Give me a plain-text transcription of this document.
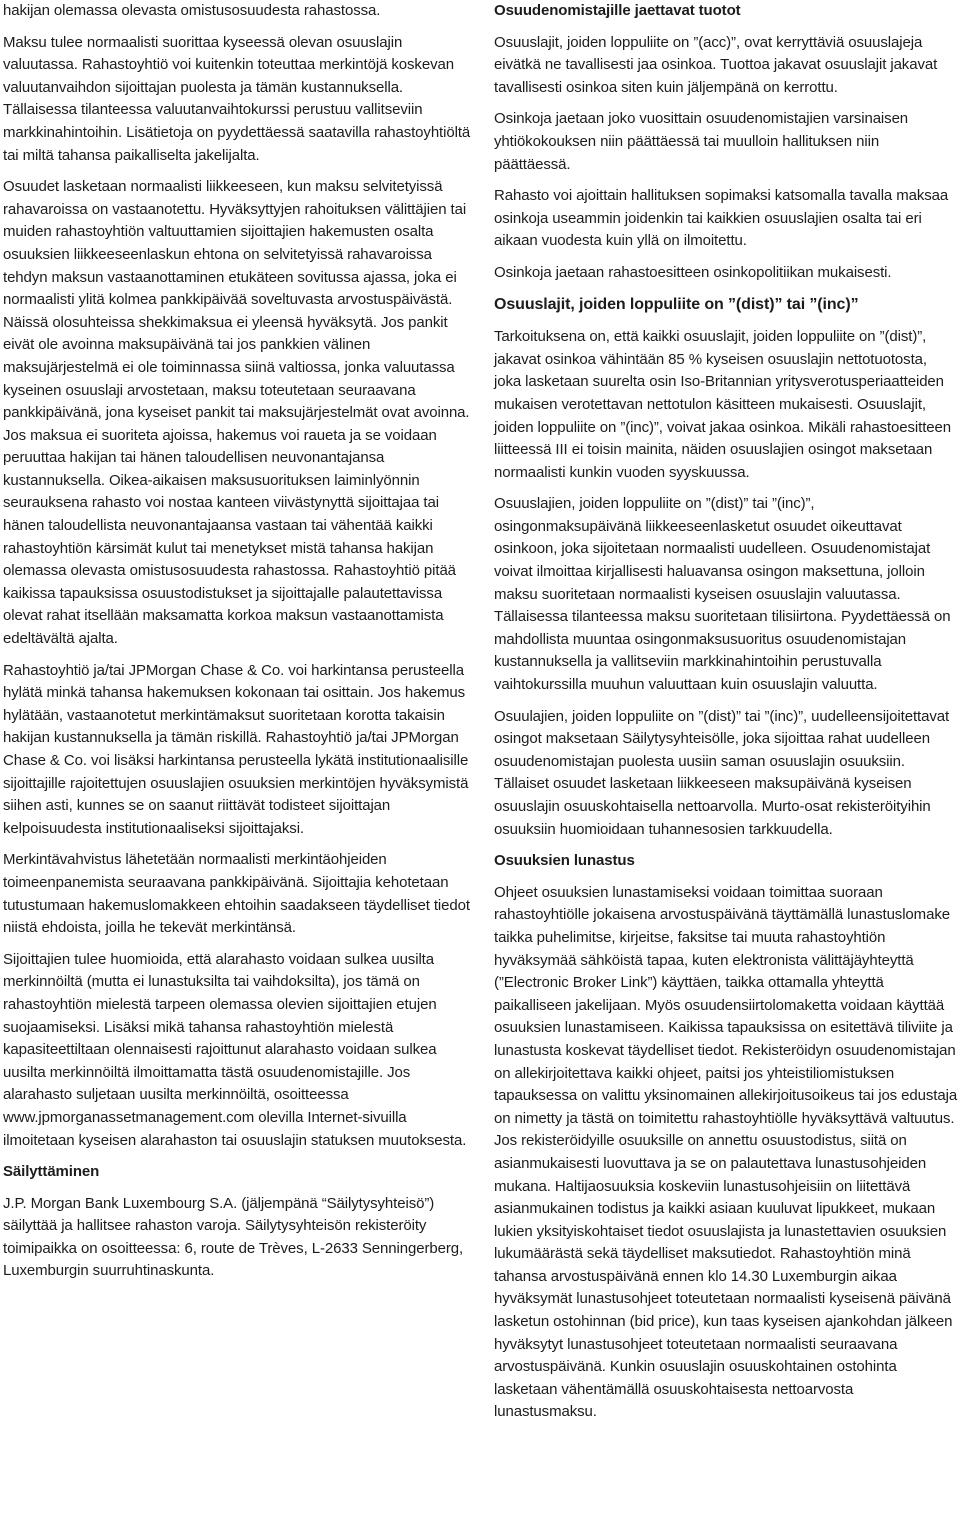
hakijan olemassa olevasta omistusosuudesta rahastossa.

Maksu tulee normaalisti suorittaa kyseessä olevan osuuslajin valuutassa. Rahastoyhtiö voi kuitenkin toteuttaa merkintöjä koskevan valuutanvaihdon sijoittajan puolesta ja tämän kustannuksella. Tällaisessa tilanteessa valuutanvaihtokurssi perustuu vallitseviin markkinahintoihin. Lisätietoja on pyydettäessä saatavilla rahastoyhtiöltä tai miltä tahansa paikalliselta jakelijalta.

Osuudet lasketaan normaalisti liikkeeseen, kun maksu selvitetyissä rahavaroissa on vastaanotettu. Hyväksyttyjen rahoituksen välittäjien tai muiden rahastoyhtiön valtuuttamien sijoittajien hakemusten osalta osuuksien liikkeeseenlaskun ehtona on selvitetyissä rahavaroissa tehdyn maksun vastaanottaminen etukäteen sovitussa ajassa, joka ei normaalisti ylitä kolmea pankkipäivää soveltuvasta arvostuspäivästä. Näissä olosuhteissa shekkimaksua ei yleensä hyväksytä. Jos pankit eivät ole avoinna maksupäivänä tai jos pankkien välinen maksujärjestelmä ei ole toiminnassa siinä valtiossa, jonka valuutassa kyseinen osuuslaji arvostetaan, maksu toteutetaan seuraavana pankkipäivänä, jona kyseiset pankit tai maksujärjestelmät ovat avoinna. Jos maksua ei suoriteta ajoissa, hakemus voi raueta ja se voidaan peruuttaa hakijan tai hänen taloudellisen neuvonantajansa kustannuksella. Oikea-aikaisen maksusuorituksen laiminlyönnin seurauksena rahasto voi nostaa kanteen viivästynyttä sijoittajaa tai hänen taloudellista neuvonantajaansa vastaan tai vähentää kaikki rahastoyhtiön kärsimät kulut tai menetykset mistä tahansa hakijan olemassa olevasta omistusosuudesta rahastossa. Rahastoyhtiö pitää kaikissa tapauksissa osuustodistukset ja sijoittajalle palautettavissa olevat rahat itsellään maksamatta korkoa maksun vastaanottamista edeltävältä ajalta.

Rahastoyhtiö ja/tai JPMorgan Chase & Co. voi harkintansa perusteella hylätä minkä tahansa hakemuksen kokonaan tai osittain. Jos hakemus hylätään, vastaanotetut merkintämaksut suoritetaan korotta takaisin hakijan kustannuksella ja tämän riskillä. Rahastoyhtiö ja/tai JPMorgan Chase & Co. voi lisäksi harkintansa perusteella lykätä institutionaalisille sijoittajille rajoitettujen osuuslajien osuuksien merkintöjen hyväksymistä siihen asti, kunnes se on saanut riittävät todisteet sijoittajan kelpoisuudesta institutionaaliseksi sijoittajaksi.

Merkintävahvistus lähetetään normaalisti merkintäohjeiden toimeenpanemista seuraavana pankkipäivänä. Sijoittajia kehotetaan tutustumaan hakemuslomakkeen ehtoihin saadakseen täydelliset tiedot niistä ehdoista, joilla he tekevät merkintänsä.

Sijoittajien tulee huomioida, että alarahasto voidaan sulkea uusilta merkinnöiltä (mutta ei lunastuksilta tai vaihdoksilta), jos tämä on rahastoyhtiön mielestä tarpeen olemassa olevien sijoittajien etujen suojaamiseksi. Lisäksi mikä tahansa rahastoyhtiön mielestä kapasiteettiltaan olennaisesti rajoittunut alarahasto voidaan sulkea uusilta merkinnöiltä ilmoittamatta tästä osuudenomistajille. Jos alarahasto suljetaan uusilta merkinnöiltä, osoitteessa www.jpmorganassetmanagement.com olevilla Internet-sivuilla ilmoitetaan kyseisen alarahaston tai osuuslajin statuksen muutoksesta.

Säilyttäminen

J.P. Morgan Bank Luxembourg S.A. (jäljempänä “Säilytysyhteisö”) säilyttää ja hallitsee rahaston varoja. Säilytysyhteisön rekisteröity toimipaikka on osoitteessa: 6, route de Trèves, L-2633 Senningerberg, Luxemburgin suurruhtinaskunta.

Osuudenomistajille jaettavat tuotot

Osuuslajit, joiden loppuliite on ”(acc)”, ovat kerryttäviä osuuslajeja eivätkä ne tavallisesti jaa osinkoa. Tuottoa jakavat osuuslajit jakavat tavallisesti osinkoa siten kuin jäljempänä on kerrottu.

Osinkoja jaetaan joko vuosittain osuudenomistajien varsinaisen yhtiökokouksen niin päättäessä tai muulloin hallituksen niin päättäessä.

Rahasto voi ajoittain hallituksen sopimaksi katsomalla tavalla maksaa osinkoja useammin joidenkin tai kaikkien osuuslajien osalta tai eri aikaan vuodesta kuin yllä on ilmoitettu.

Osinkoja jaetaan rahastoesitteen osinkopolitiikan mukaisesti.

Osuuslajit, joiden loppuliite on ”(dist)” tai ”(inc)”

Tarkoituksena on, että kaikki osuuslajit, joiden loppuliite on ”(dist)”, jakavat osinkoa vähintään 85 % kyseisen osuuslajin nettotuotosta, joka lasketaan suurelta osin Iso-Britannian yritysverotusperiaatteiden mukaisen verotettavan nettotulon käsitteen mukaisesti. Osuuslajit, joiden loppuliite on ”(inc)”, voivat jakaa osinkoa. Mikäli rahastoesitteen liitteessä III ei toisin mainita, näiden osuuslajien osingot maksetaan normaalisti kunkin vuoden syyskuussa.

Osuuslajien, joiden loppuliite on ”(dist)” tai ”(inc)”, osingonmaksupäivänä liikkeeseenlasketut osuudet oikeuttavat osinkoon, joka sijoitetaan normaalisti uudelleen. Osuudenomistajat voivat ilmoittaa kirjallisesti haluavansa osingon maksettuna, jolloin maksu suoritetaan normaalisti kyseisen osuuslajin valuutassa. Tällaisessa tilanteessa maksu suoritetaan tilisiirtona. Pyydettäessä on mahdollista muuntaa osingonmaksusuoritus osuudenomistajan kustannuksella ja vallitseviin markkinahintoihin perustuvalla vaihtokurssilla muuhun valuuttaan kuin osuuslajin valuutta.

Osuulajien, joiden loppuliite on ”(dist)” tai ”(inc)”, uudelleensijoitettavat osingot maksetaan Säilytysyhteisölle, joka sijoittaa rahat uudelleen osuudenomistajan puolesta uusiin saman osuuslajin osuuksiin. Tällaiset osuudet lasketaan liikkeeseen maksupäivänä kyseisen osuuslajin osuuskohtaisella nettoarvolla. Murto-osat rekisteröityihin osuuksiin huomioidaan tuhannesosien tarkkuudella.

Osuuksien lunastus

Ohjeet osuuksien lunastamiseksi voidaan toimittaa suoraan rahastoyhtiölle jokaisena arvostuspäivänä täyttämällä lunastuslomake taikka puhelimitse, kirjeitse, faksitse tai muuta rahastoyhtiön hyväksymää sähköistä tapaa, kuten elektronista välittäjäyhteyttä (”Electronic Broker Link”) käyttäen, taikka ottamalla yhteyttä paikalliseen jakelijaan. Myös osuudensiirtolomaketta voidaan käyttää osuuksien lunastamiseen. Kaikissa tapauksissa on esitettävä tiliviite ja lunastusta koskevat täydelliset tiedot. Rekisteröidyn osuudenomistajan on allekirjoitettava kaikki ohjeet, paitsi jos yhteistiliomistuksen tapauksessa on valittu yksinomainen allekirjoitusoikeus tai jos edustaja on nimetty ja tästä on toimitettu rahastoyhtiölle hyväksyttävä valtuutus. Jos rekisteröidyille osuuksille on annettu osuustodistus, siitä on asianmukaisesti luovuttava ja se on palautettava lunastusohjeiden mukana. Haltijaosuuksia koskeviin lunastusohjeisiin on liitettävä asianmukainen todistus ja kaikki asiaan kuuluvat lipukkeet, mukaan lukien yksityiskohtaiset tiedot osuuslajista ja lunastettavien osuuksien lukumäärästä sekä täydelliset maksutiedot. Rahastoyhtiön minä tahansa arvostuspäivänä ennen klo 14.30 Luxemburgin aikaa hyväksymät lunastusohjeet toteutetaan normaalisti kyseisenä päivänä lasketun ostohinnan (bid price), kun taas kyseisen ajankohdan jälkeen hyväksytyt lunastusohjeet toteutetaan normaalisti seuraavana arvostuspäivänä. Kunkin osuuslajin osuuskohtainen ostohinta lasketaan vähentämällä osuuskohtaisesta nettoarvosta lunastusmaksu.
